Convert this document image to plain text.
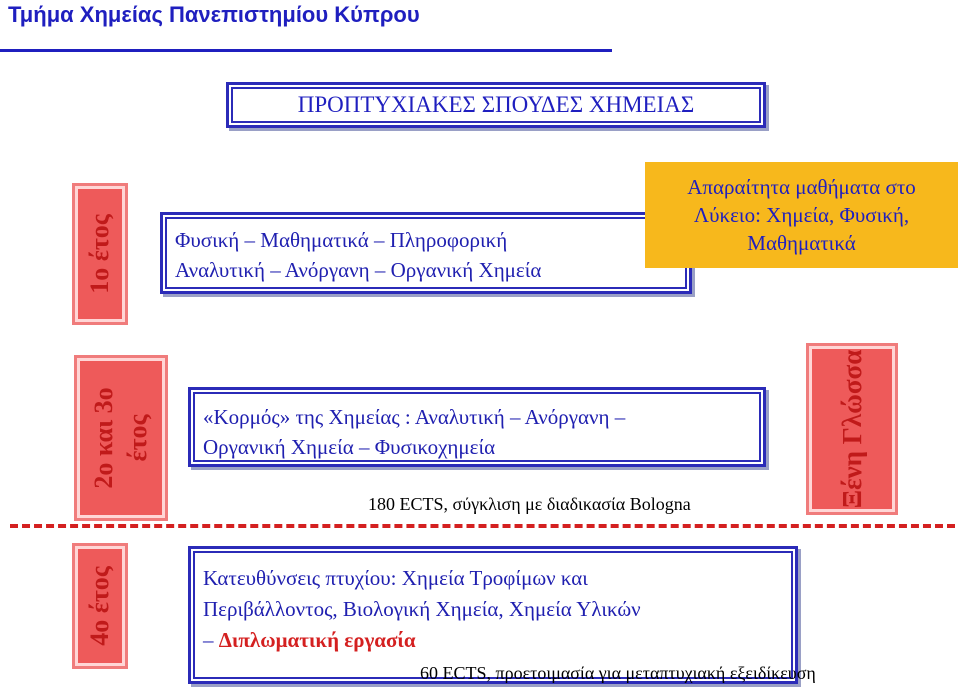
Τμήμα Χημείας Πανεπιστημίου Κύπρου
ΠΡΟΠΤΥΧΙΑΚΕΣ ΣΠΟΥΔΕΣ ΧΗΜΕΙΑΣ
1ο έτος	Φυσική – Μαθηματικά – Πληροφορική
Αναλυτική – Ανόργανη – Οργανική Χημεία
Απαραίτητα μαθήματα στο
Λύκειο: Χημεία, Φυσική,
Μαθηματικά
2ο και 3ο έτος «Κορμός» της Χημείας : Αναλυτική – Ανόργανη –
Οργανική Χημεία – Φυσικοχημεία
180 ECTS, σύγκλιση με διαδικασία Bologna	Ξένη Γλώσσα
4ο έτος	Κατευθύνσεις πτυχίου: Χημεία Τροφίμων και
Περιβάλλοντος, Βιολογική Χημεία, Χημεία Υλικών
– Διπλωματική εργασία
60 ECTS, προετοιμασία για μεταπτυχιακή εξειδίκευση
